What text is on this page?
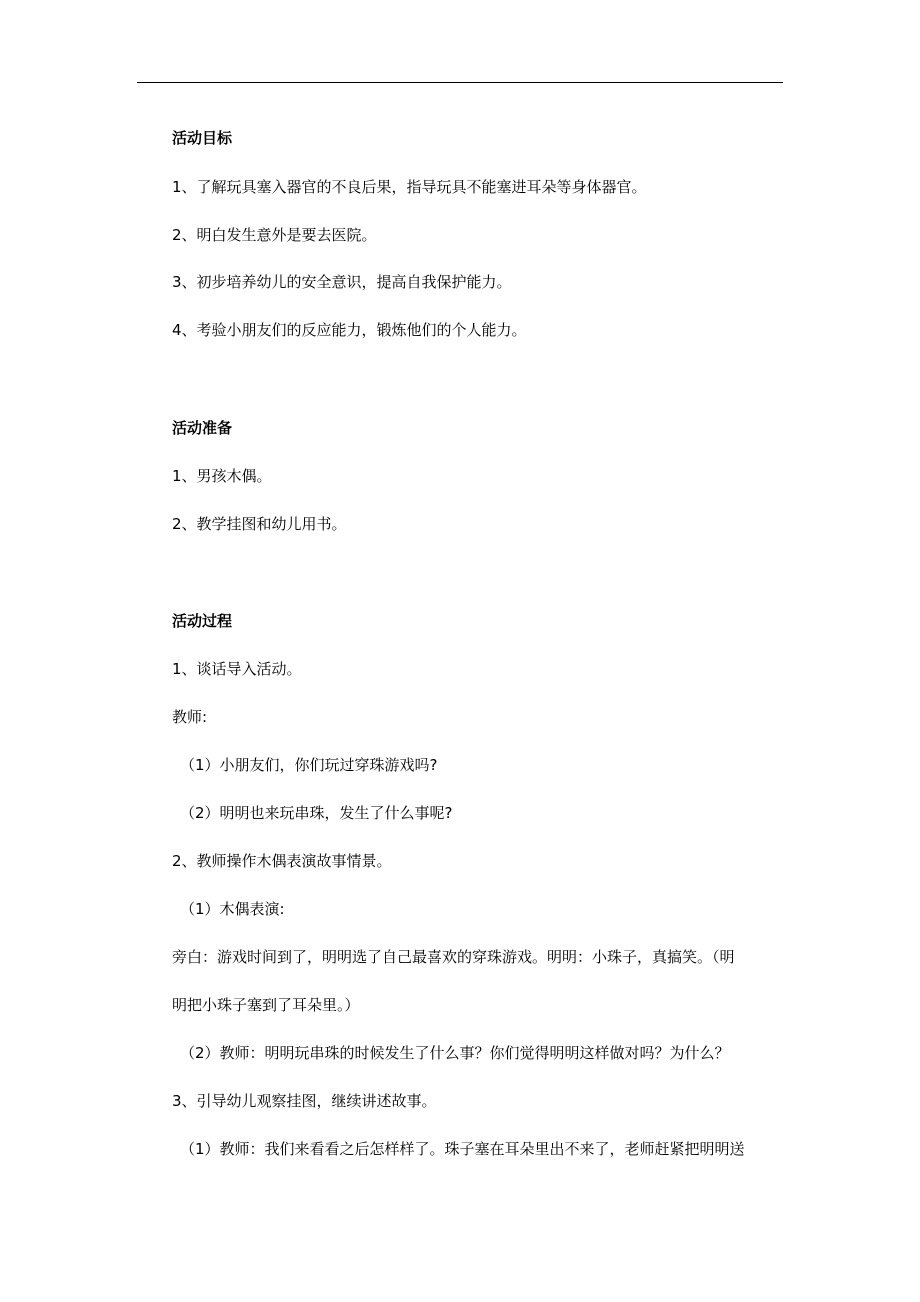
活动目标
1、了解玩具塞入器官的不良后果，指导玩具不能塞进耳朵等身体器官。
2、明白发生意外是要去医院。
3、初步培养幼儿的安全意识，提高自我保护能力。
4、考验小朋友们的反应能力，锻炼他们的个人能力。
活动准备
1、男孩木偶。
2、教学挂图和幼儿用书。
活动过程
1、谈话导入活动。
教师:
（1）小朋友们，你们玩过穿珠游戏吗?
（2）明明也来玩串珠，发生了什么事呢?
2、教师操作木偶表演故事情景。
（1）木偶表演:
旁白：游戏时间到了，明明选了自己最喜欢的穿珠游戏。明明：小珠子，真搞笑。（明
明把小珠子塞到了耳朵里。）
（2）教师：明明玩串珠的时候发生了什么事？你们觉得明明这样做对吗？为什么？
3、引导幼儿观察挂图，继续讲述故事。
（1）教师：我们来看看之后怎样样了。珠子塞在耳朵里出不来了，老师赶紧把明明送
